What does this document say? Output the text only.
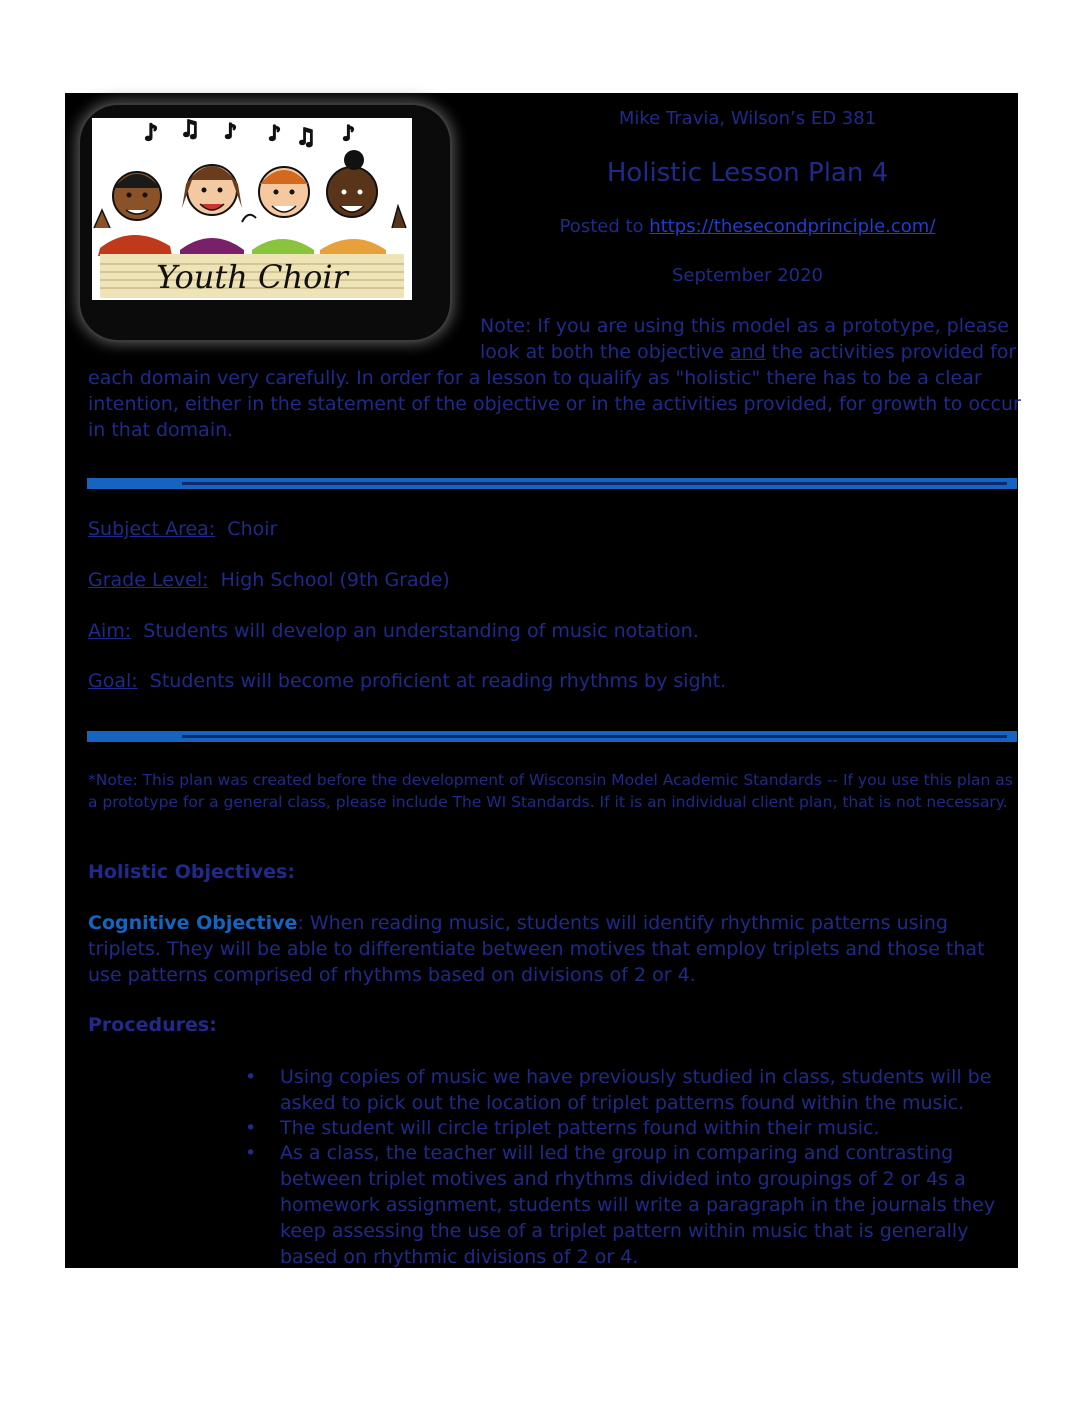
♪ ♫ ♪ ♪ ♫ ♪
Youth Choir
Mike Travia, Wilson’s ED 381
Holistic Lesson Plan 4
Posted to https://thesecondprinciple.com/
September 2020
Note: If you are using this model as a prototype, please
look at both the objective and the activities provided for
each domain very carefully. In order for a lesson to qualify as "holistic" there has to be a clear
intention, either in the statement of the objective or in the activities provided, for growth to occur
in that domain.
Subject Area: Choir
Grade Level: High School (9th Grade)
Aim: Students will develop an understanding of music notation.
Goal: Students will become proficient at reading rhythms by sight.
*Note: This plan was created before the development of Wisconsin Model Academic Standards -- If you use this plan as a prototype for a general class, please include The WI Standards. If it is an individual client plan, that is not necessary.
Holistic Objectives:
Cognitive Objective: When reading music, students will identify rhythmic patterns using triplets. They will be able to differentiate between motives that employ triplets and those that use patterns comprised of rhythms based on divisions of 2 or 4.
Procedures:
• Using copies of music we have previously studied in class, students will be asked to pick out the location of triplet patterns found within the music.
• The student will circle triplet patterns found within their music.
• As a class, the teacher will led the group in comparing and contrasting between triplet motives and rhythms divided into groupings of 2 or 4s a homework assignment, students will write a paragraph in the journals they keep assessing the use of a triplet pattern within music that is generally based on rhythmic divisions of 2 or 4.
